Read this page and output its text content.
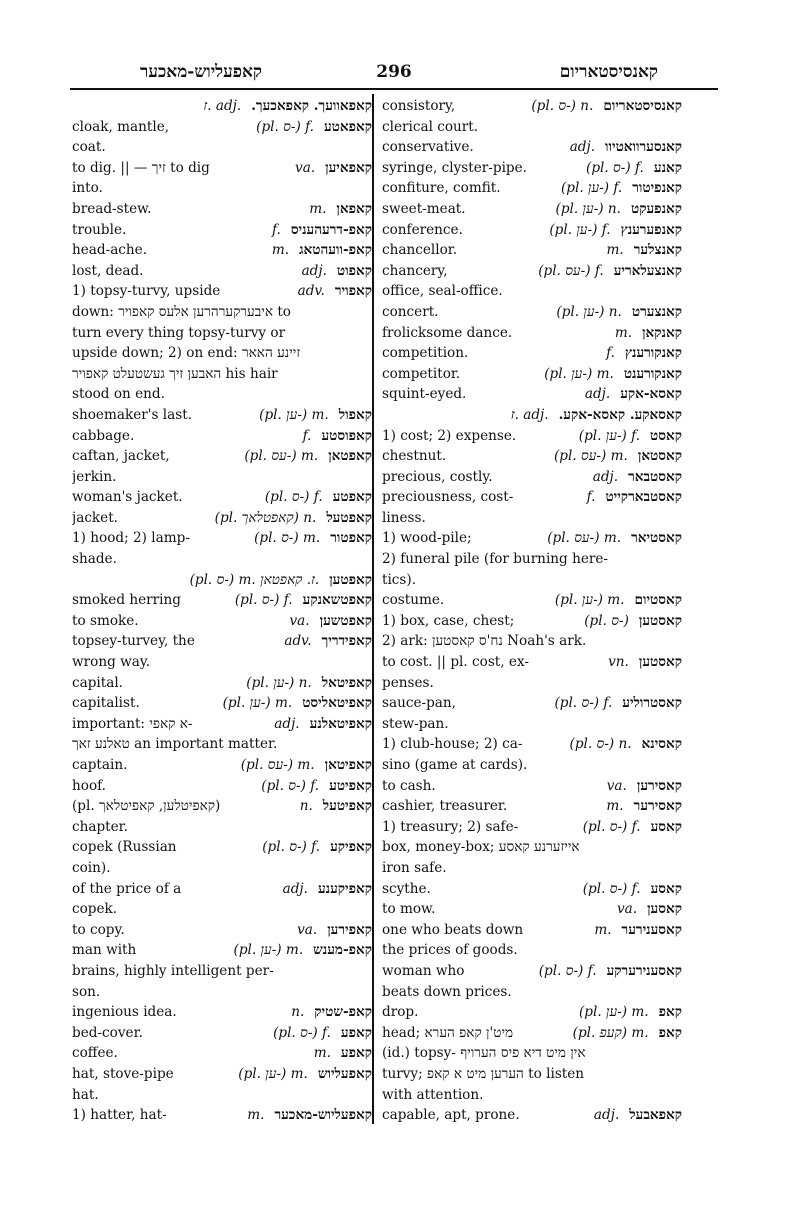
קאפעליוש-מאכער	296	קאנסיסטאריום
ז. adj. קאפאוועך. קאפאכעך.
cloak, mantle,	(pl. ס-) f. קאפאטע
coat.
to dig. || — זיך to dig	va. קאפאיען
into.
bread-stew.	m. קאפאן
trouble.	f. קאפ-דרעהעניס
head-ache.	m. קאפ-וועהטאג
lost, dead.	adj. קאפוט
1) topsy-turvy, upside	adv. קאפויר
down: איבערקערהרען אלעס קאפויר to
turn every thing topsy-turvy or
upside down; 2) on end: זיינע האאר
האבען זיך געשטעלט קאפויר his hair
stood on end.
shoemaker's last.	(pl. ען-) m. קאפול
cabbage.	f. קאפוסטע
caftan, jacket,	(pl. עס-) m. קאפטאן
jerkin.
woman's jacket.	(pl. ס-) f. קאפטע
jacket.	(pl. קאפטלאך) n. קאפטעל
1) hood; 2) lamp-	(pl. ס-) m. קאפטור
shade.
(pl. ס-) m. ז. קאפטאן. קאפטען
smoked herring	(pl. ס-) f. קאפטשאנקע
to smoke.	va. קאפטשען
topsey-turvey, the	adv. קאפידריך
wrong way.
capital.	(pl. ען-) n. קאפיטאל
capitalist.	(pl. ען-) m. קאפיטאליסט
important: א קאפי-	adj. קאפיטאלנע
טאלנע זאך an important matter.
captain.	(pl. עס-) m. קאפיטאן
hoof.	(pl. ס-) f. קאפיטע
(pl. קאפיטלען, קאפיטלאך)	n. קאפיטעל
chapter.
copek (Russian	(pl. ס-) f. קאפיקע
coin).
of the price of a	adj. קאפיקענע
copek.
to copy.	va. קאפירען
man with	(pl. ען-) m. קאפ-מענש
brains, highly intelligent per-
son.
ingenious idea.	n. קאפ-שטיק
bed-cover.	(pl. ס-) f. קאפע
coffee.	m. קאפע
hat, stove-pipe	(pl. ען-) m. קאפעליוש
hat.
1) hatter, hat-	m. קאפעליוש-מאכער
consistory,	(pl. ס-) n. קאנסיסטאריום
clerical court.
conservative.	adj. קאנסערוואטיוו
syringe, clyster-pipe.	(pl. ס-) f. קאנע
confiture, comfit.	(pl. ען-) f. קאנפיטור
sweet-meat.	(pl. ען-) n. קאנפעקט
conference.	(pl. ען-) f. קאנפערענץ
chancellor.	m. קאנצלער
chancery,	(pl. עס-) f. קאנצעלאריע
office, seal-office.
concert.	(pl. ען-) n. קאנצערט
frolicksome dance.	m. קאנקאן
competition.	f. קאנקורענץ
competitor.	(pl. ען-) m. קאנקורענט
squint-eyed.	adj. קאסא-אקע
ז. adj. קאסאקע. קאסא-אקע.
1) cost; 2) expense.	(pl. ען-) f. קאסט
chestnut.	(pl. עס-) m. קאסטאן
precious, costly.	adj. קאסטבאר
preciousness, cost-	f. קאסטבארקייט
liness.
1) wood-pile;	(pl. עס-) m. קאסטיאר
2) funeral pile (for burning here-
tics).
costume.	(pl. ען-) m. קאסטיום
1) box, case, chest;	(pl. ס-) קאסטען
2) ark: נח'ס קאסטען Noah's ark.
to cost. || pl. cost, ex-	vn. קאסטען
penses.
sauce-pan,	(pl. ס-) f. קאסטרוליע
stew-pan.
1) club-house; 2) ca-	(pl. ס-) n. קאסינא
sino (game at cards).
to cash.	va. קאסירען
cashier, treasurer.	m. קאסירער
1) treasury; 2) safe-	(pl. ס-) f. קאסע
box, money-box; אייזערנע קאסע
iron safe.
scythe.	(pl. ס-) f. קאסע
to mow.	va. קאסען
one who beats down	m. קאסענירער
the prices of goods.
woman who	(pl. ס-) f. קאסענירערקע
beats down prices.
drop.	(pl. ען-) m. קאפ
head; מיט'ן קאפ הערא	(pl. קעפ) m. קאפ
(id.) topsy- אין מיט דיא פיס הערויף
turvy; הערען מיט א קאפ to listen
with attention.
capable, apt, prone.	adj. קאפאבעל
